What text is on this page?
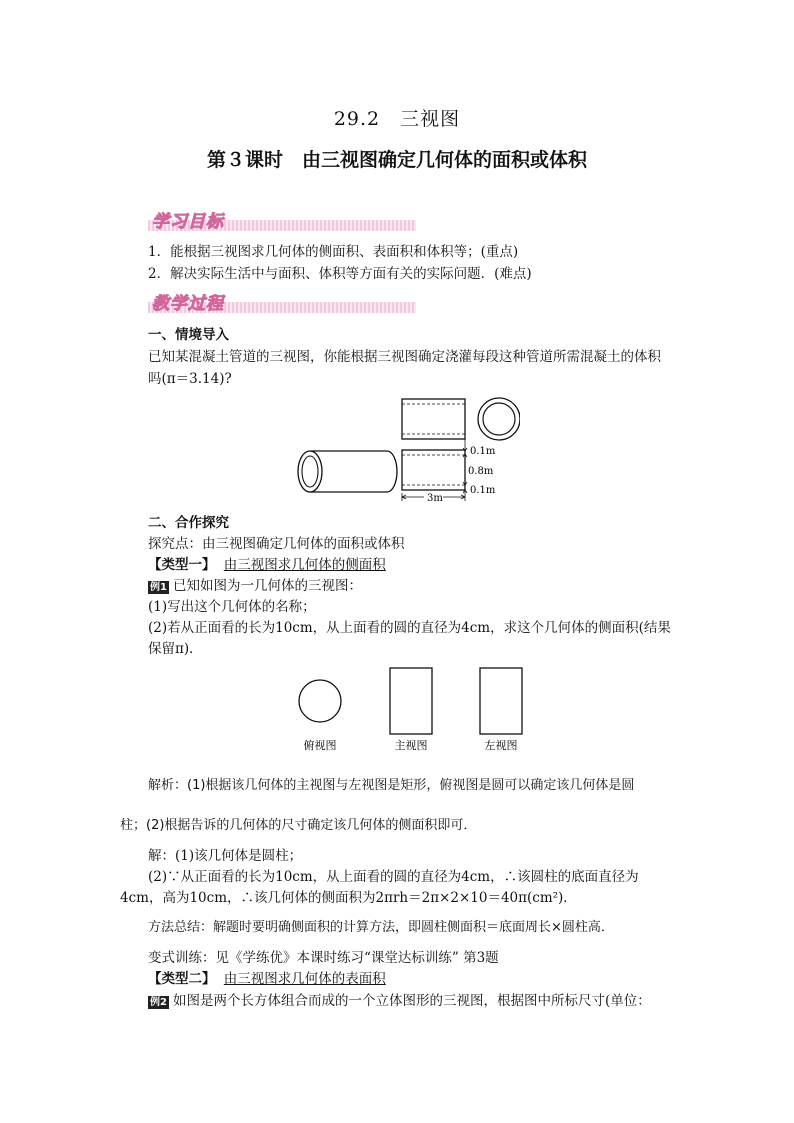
29.2　三视图
第３课时　由三视图确定几何体的面积或体积
学习目标
1．能根据三视图求几何体的侧面积、表面积和体积等；(重点)
2．解决实际生活中与面积、体积等方面有关的实际问题．(难点)
教学过程
一、情境导入
已知某混凝土管道的三视图，你能根据三视图确定浇灌每段这种管道所需混凝土的体积
吗(π＝3.14)?
0.1m
0.8m
0.1m
3m
二、合作探究
探究点：由三视图确定几何体的面积或体积
【类型一】 由三视图求几何体的侧面积
例1 已知如图为一几何体的三视图：
(1)写出这个几何体的名称；
(2)若从正面看的长为10cm，从上面看的圆的直径为4cm，求这个几何体的侧面积(结果
保留π)．
俯视图	主视图	左视图
解析：(1)根据该几何体的主视图与左视图是矩形，俯视图是圆可以确定该几何体是圆
柱；(2)根据告诉的几何体的尺寸确定该几何体的侧面积即可．
解：(1)该几何体是圆柱；
(2)∵从正面看的长为10cm，从上面看的圆的直径为4cm，∴该圆柱的底面直径为
4cm，高为10cm，∴该几何体的侧面积为2πrh＝2π×2×10＝40π(cm²)．
方法总结：解题时要明确侧面积的计算方法，即圆柱侧面积＝底面周长×圆柱高．
变式训练：见《学练优》本课时练习“课堂达标训练” 第3题
【类型二】 由三视图求几何体的表面积
例2 如图是两个长方体组合而成的一个立体图形的三视图，根据图中所标尺寸(单位：
